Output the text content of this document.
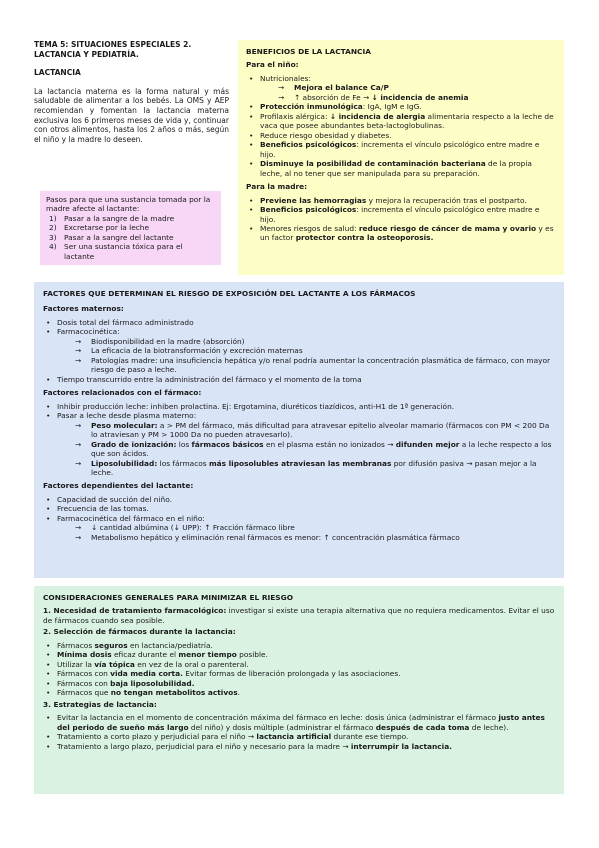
TEMA 5: SITUACIONES ESPECIALES 2. LACTANCIA Y PEDIATRÍA.

LACTANCIA

La lactancia materna es la forma natural y más saludable de alimentar a los bebés. La OMS y AEP recomiendan y fomentan la lactancia materna exclusiva los 6 primeros meses de vida y, continuar con otros alimentos, hasta los 2 años o más, según el niño y la madre lo deseen.

Pasos para que una sustancia tomada por la madre afecte al lactante:

1) Pasar a la sangre de la madre
2) Excretarse por la leche
3) Pasar a la sangre del lactante
4) Ser una sustancia tóxica para el lactante

BENEFICIOS DE LA LACTANCIA

Para el niño:

• Nutricionales:
→ Mejora el balance Ca/P
→ ↑ absorción de Fe → ↓ incidencia de anemia
• Protección inmunológica: IgA, IgM e IgG.
• Profilaxis alérgica: ↓ incidencia de alergia alimentaria respecto a la leche de vaca que posee abundantes beta-lactoglobulinas.
• Reduce riesgo obesidad y diabetes.
• Beneficios psicológicos: incrementa el vínculo psicológico entre madre e hijo.
• Disminuye la posibilidad de contaminación bacteriana de la propia leche, al no tener que ser manipulada para su preparación.

Para la madre:

• Previene las hemorragias y mejora la recuperación tras el postparto.
• Beneficios psicológicos: incrementa el vínculo psicológico entre madre e hijo.
• Menores riesgos de salud: reduce riesgo de cáncer de mama y ovario y es un factor protector contra la osteoporosis.

FACTORES QUE DETERMINAN EL RIESGO DE EXPOSICIÓN DEL LACTANTE A LOS FÁRMACOS

Factores maternos:

• Dosis total del fármaco administrado
• Farmacocinética:
→ Biodisponibilidad en la madre (absorción)
→ La eficacia de la biotransformación y excreción maternas
→ Patologías madre: una insuficiencia hepática y/o renal podría aumentar la concentración plasmática de fármaco, con mayor riesgo de paso a leche.
• Tiempo transcurrido entre la administración del fármaco y el momento de la toma

Factores relacionados con el fármaco:

• Inhibir producción leche: inhiben prolactina. Ej: Ergotamina, diuréticos tiazídicos, anti-H1 de 1ª generación.
• Pasar a leche desde plasma materno:
→ Peso molecular: a > PM del fármaco, más dificultad para atravesar epitelio alveolar mamario (fármacos con PM < 200 Da lo atraviesan y PM > 1000 Da no pueden atravesarlo).
→ Grado de ionización: los fármacos básicos en el plasma están no ionizados → difunden mejor a la leche respecto a los que son ácidos.
→ Liposolubilidad: los fármacos más liposolubles atraviesan las membranas por difusión pasiva → pasan mejor a la leche.

Factores dependientes del lactante:

• Capacidad de succión del niño.
• Frecuencia de las tomas.
• Farmacocinética del fármaco en el niño:
→ ↓ cantidad albúmina (↓ UPP): ↑ Fracción fármaco libre
→ Metabolismo hepático y eliminación renal fármacos es menor: ↑ concentración plasmática fármaco

CONSIDERACIONES GENERALES PARA MINIMIZAR EL RIESGO

1. Necesidad de tratamiento farmacológico: investigar si existe una terapia alternativa que no requiera medicamentos. Evitar el uso de fármacos cuando sea posible.

2. Selección de fármacos durante la lactancia:

• Fármacos seguros en lactancia/pediatría.
• Mínima dosis eficaz durante el menor tiempo posible.
• Utilizar la vía tópica en vez de la oral o parenteral.
• Fármacos con vida media corta. Evitar formas de liberación prolongada y las asociaciones.
• Fármacos con baja liposolubilidad.
• Fármacos que no tengan metabolitos activos.

3. Estrategias de lactancia:

• Evitar la lactancia en el momento de concentración máxima del fármaco en leche: dosis única (administrar el fármaco justo antes del periodo de sueño más largo del niño) y dosis múltiple (administrar el fármaco después de cada toma de leche).
• Tratamiento a corto plazo y perjudicial para el niño → lactancia artificial durante ese tiempo.
• Tratamiento a largo plazo, perjudicial para el niño y necesario para la madre → interrumpir la lactancia.
